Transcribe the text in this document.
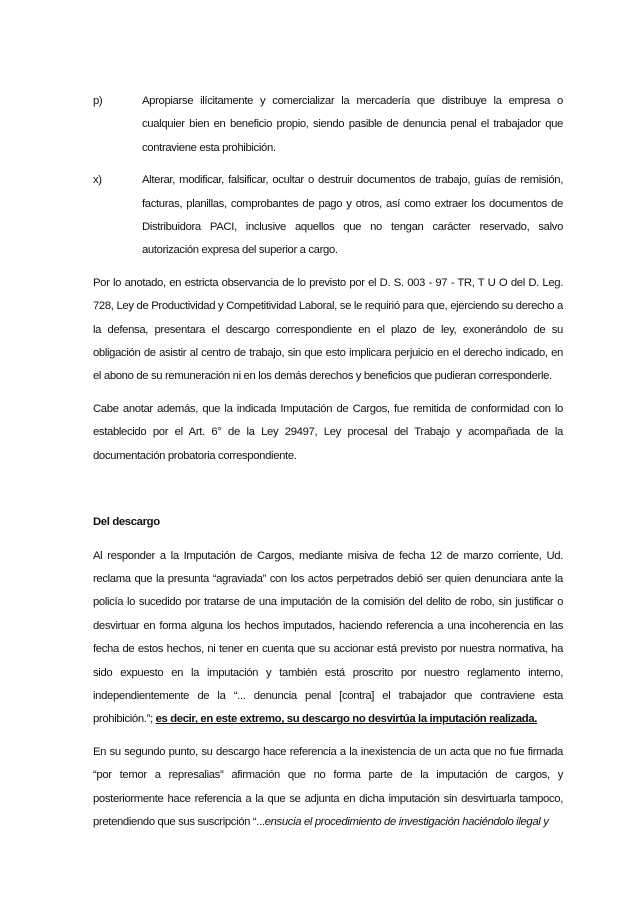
p)	Apropiarse ilícitamente y comercializar la mercadería que distribuye la empresa o cualquier bien en beneficio propio, siendo pasible de denuncia penal el trabajador que contraviene esta prohibición.
x)	Alterar, modificar, falsificar, ocultar o destruir documentos de trabajo, guías de remisión, facturas, planillas, comprobantes de pago y otros, así como extraer los documentos de Distribuidora PACI, inclusive aquellos que no tengan carácter reservado, salvo autorización expresa del superior a cargo.

Por lo anotado, en estricta observancia de lo previsto por el D. S. 003 - 97 - TR, T U O del D. Leg. 728, Ley de Productividad y Competitividad Laboral, se le requirió para que, ejerciendo su derecho a la defensa, presentara el descargo correspondiente en el plazo de ley, exonerándolo de su obligación de asistir al centro de trabajo, sin que esto implicara perjuicio en el derecho indicado, en el abono de su remuneración ni en los demás derechos y beneficios que pudieran corresponderle.

Cabe anotar además, que la indicada Imputación de Cargos, fue remitida de conformidad con lo establecido por el Art. 6° de la Ley 29497, Ley procesal del Trabajo y acompañada de la documentación probatoria correspondiente.

Del descargo

Al responder a la Imputación de Cargos, mediante misiva de fecha 12 de marzo corriente, Ud. reclama que la presunta “agraviada” con los actos perpetrados debió ser quien denunciara ante la policía lo sucedido por tratarse de una imputación de la comisión del delito de robo, sin justificar o desvirtuar en forma alguna los hechos imputados, haciendo referencia a una incoherencia en las fecha de estos hechos, ni tener en cuenta que su accionar está previsto por nuestra normativa, ha sido expuesto en la imputación y también está proscrito por nuestro reglamento interno, independientemente de la “... denuncia penal [contra] el trabajador que contraviene esta prohibición.”; es decir, en este extremo, su descargo no desvirtúa la imputación realizada.

En su segundo punto, su descargo hace referencia a la inexistencia de un acta que no fue firmada “por temor a represalias” afirmación que no forma parte de la imputación de cargos, y posteriormente hace referencia a la que se adjunta en dicha imputación sin desvirtuarla tampoco, pretendiendo que sus suscripción “...ensucia el procedimiento de investigación haciéndolo ilegal y
